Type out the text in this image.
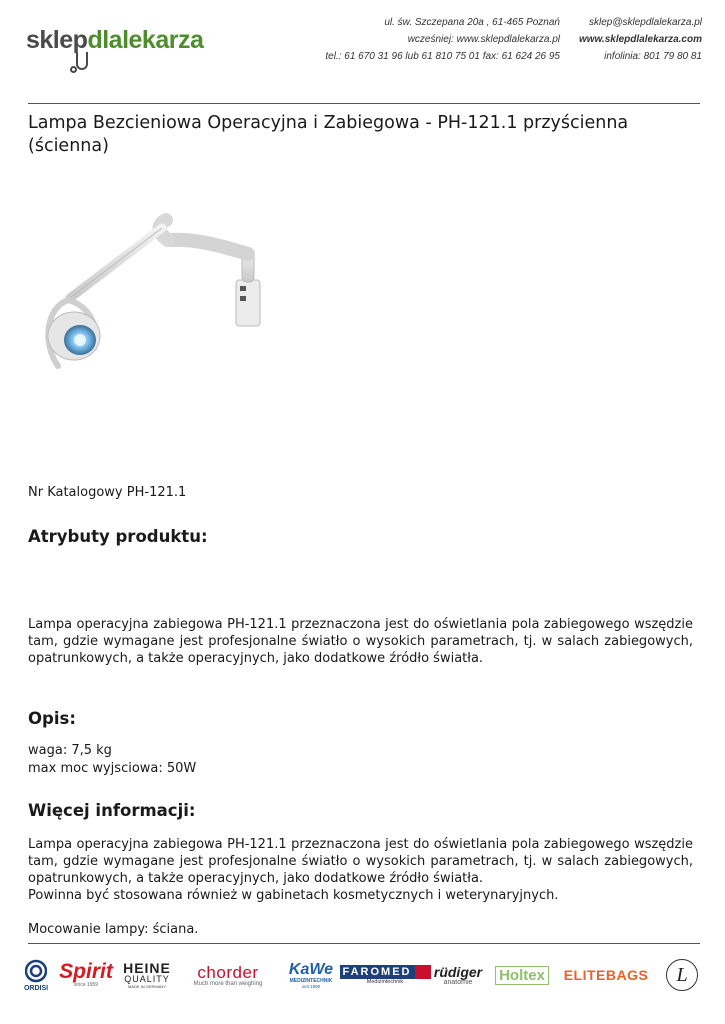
sklepdlalekarza
ul. św. Szczepana 20a , 61-465 Poznań
wcześniej: www.sklepdlalekarza.pl
tel.: 61 670 31 96 lub 61 810 75 01 fax: 61 624 26 95
sklep@sklepdlalekarza.pl
www.sklepdlalekarza.com
infolinia: 801 79 80 81
Lampa Bezcieniowa Operacyjna i Zabiegowa - PH-121.1 przyścienna (ścienna)
Nr Katalogowy PH-121.1
Atrybuty produktu:
Lampa operacyjna zabiegowa PH-121.1 przeznaczona jest do oświetlania pola zabiegowego wszędzie tam, gdzie wymagane jest profesjonalne światło o wysokich parametrach, tj. w salach zabiegowych, opatrunkowych, a także operacyjnych, jako dodatkowe źródło światła.
Opis:
waga: 7,5 kg
max moc wyjsciowa: 50W
Więcej informacji:
Lampa operacyjna zabiegowa PH-121.1 przeznaczona jest do oświetlania pola zabiegowego wszędzie tam, gdzie wymagane jest profesjonalne światło o wysokich parametrach, tj. w salach zabiegowych, opatrunkowych, a także operacyjnych, jako dodatkowe źródło światła.
Powinna być stosowana również w gabinetach kosmetycznych i weterynaryjnych.
Mocowanie lampy: ściana.
ORDISI
Spirit
since 1959
HEINE
QUALITY
MADE IN GERMANY
chorder
Much more than weighing
KaWe
MEDIZINTECHNIK
seit 1890
FAROMED
Medizintechnik
rüdiger
anatomie Holtex ELITEBAGS	L
